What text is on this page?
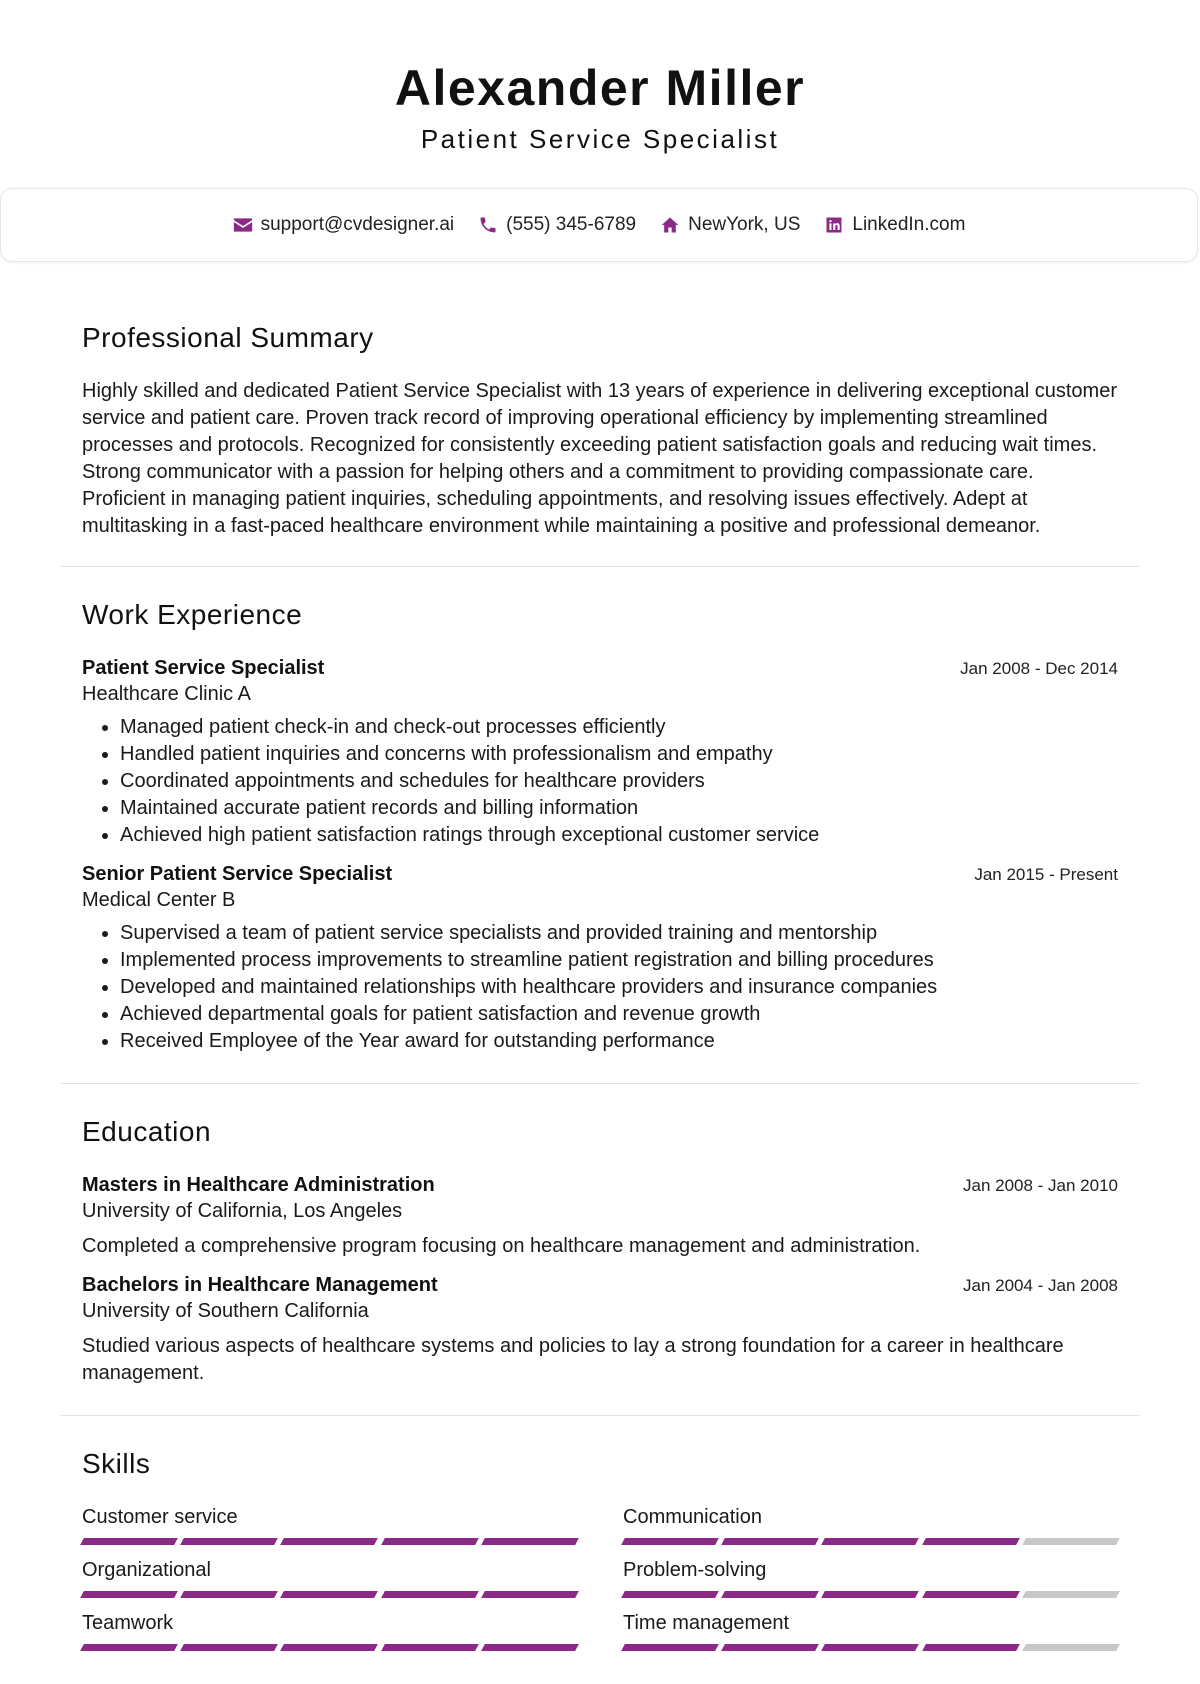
Alexander Miller
Patient Service Specialist
support@cvdesigner.ai	(555) 345-6789	NewYork, US	LinkedIn.com
Professional Summary

Highly skilled and dedicated Patient Service Specialist with 13 years of experience in delivering exceptional customer service and patient care. Proven track record of improving operational efficiency by implementing streamlined processes and protocols. Recognized for consistently exceeding patient satisfaction goals and reducing wait times. Strong communicator with a passion for helping others and a commitment to providing compassionate care. Proficient in managing patient inquiries, scheduling appointments, and resolving issues effectively. Adept at multitasking in a fast-paced healthcare environment while maintaining a positive and professional demeanor.

Work Experience
Patient Service Specialist	Jan 2008 - Dec 2014
Healthcare Clinic A
• Managed patient check-in and check-out processes efficiently
• Handled patient inquiries and concerns with professionalism and empathy
• Coordinated appointments and schedules for healthcare providers
• Maintained accurate patient records and billing information
• Achieved high patient satisfaction ratings through exceptional customer service
Senior Patient Service Specialist	Jan 2015 - Present
Medical Center B
• Supervised a team of patient service specialists and provided training and mentorship
• Implemented process improvements to streamline patient registration and billing procedures
• Developed and maintained relationships with healthcare providers and insurance companies
• Achieved departmental goals for patient satisfaction and revenue growth
• Received Employee of the Year award for outstanding performance
Education
Masters in Healthcare Administration	Jan 2008 - Jan 2010
University of California, Los Angeles
Completed a comprehensive program focusing on healthcare management and administration.
Bachelors in Healthcare Management	Jan 2004 - Jan 2008
University of Southern California
Studied various aspects of healthcare systems and policies to lay a strong foundation for a career in healthcare management.
Skills
Customer service	Communication
Organizational	Problem-solving
Teamwork	Time management
